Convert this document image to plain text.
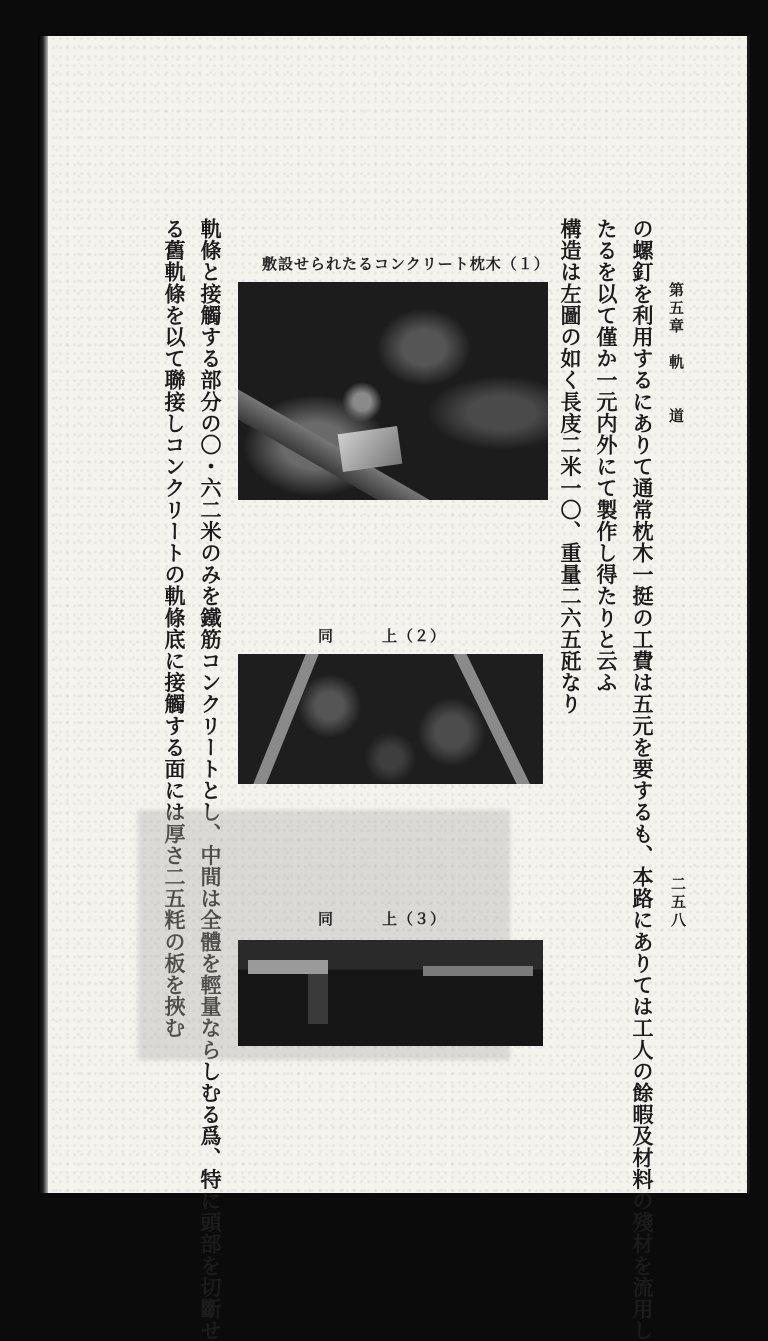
第五章　軌　　道
二五八
の螺釘を利用するにありて通常枕木一挺の工費は五元を要するも、本路にありては工人の餘暇及材料の殘材を流用し
たるを以て僅か一元内外にて製作し得たりと云ふ
構造は左圖の如く長庋二米一〇、重量二六五瓩なり
軌條と接觸する部分の〇・六二米のみを鐵筋コンクリートとし、中間は全體を輕量ならしむる爲、特に頭部を切斷せ
る舊軌條を以て聯接しコンクリートの軌條底に接觸する面には厚さ二五粍の板を挾む	敷設せられたるコンクリート枕木（１）
同　　　上（２）
同　　　上（３）
